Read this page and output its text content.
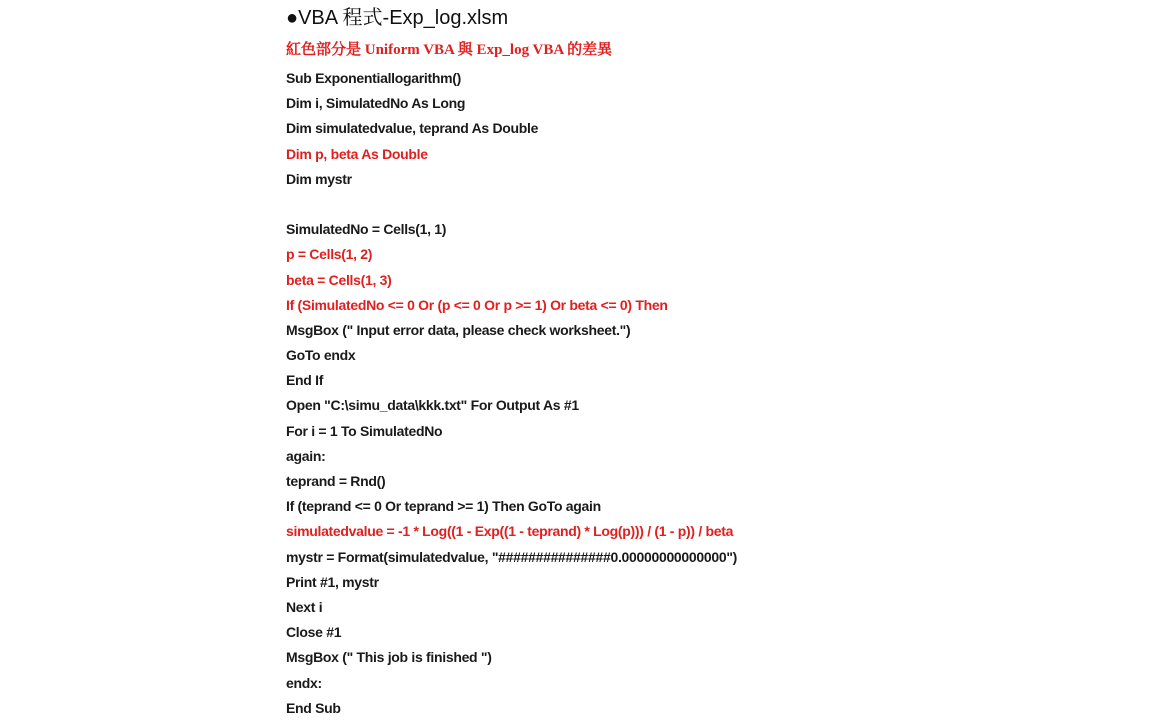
●VBA 程式-Exp_log.xlsm
紅色部分是 Uniform VBA 與 Exp_log VBA 的差異
Sub Exponentiallogarithm()
Dim i, SimulatedNo As Long
Dim simulatedvalue, teprand As Double
Dim p, beta As Double
Dim mystr
SimulatedNo = Cells(1, 1)
p = Cells(1, 2)
beta = Cells(1, 3)
If (SimulatedNo <= 0 Or (p <= 0 Or p >= 1) Or beta <= 0) Then
MsgBox (" Input error data, please check worksheet.")
GoTo endx
End If
Open "C:\simu_data\kkk.txt" For Output As #1
For i = 1 To SimulatedNo
again:
teprand = Rnd()
If (teprand <= 0 Or teprand >= 1) Then GoTo again
simulatedvalue = -1 * Log((1 - Exp((1 - teprand) * Log(p))) / (1 - p)) / beta
mystr = Format(simulatedvalue, "###############0.00000000000000")
Print #1, mystr
Next i
Close #1
MsgBox (" This job is finished ")
endx:
End Sub
